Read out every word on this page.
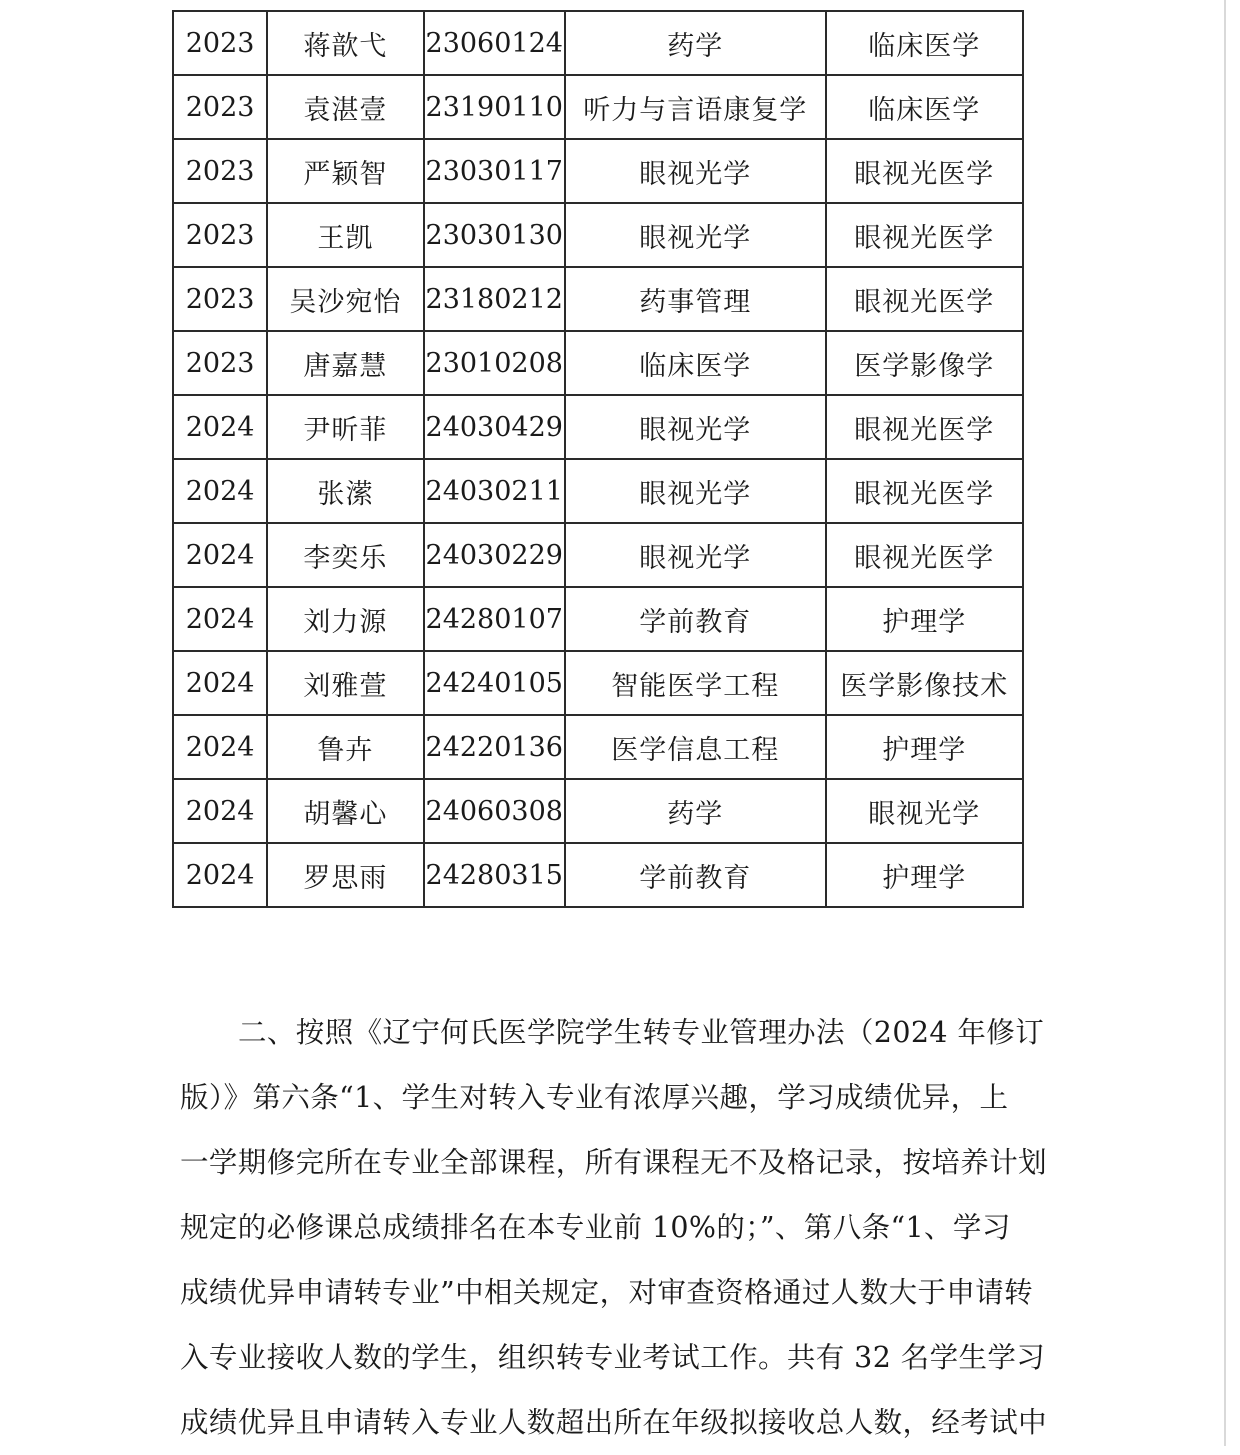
2023	蒋歆弋	23060124	药学	临床医学
2023	袁湛壹	23190110	听力与言语康复学	临床医学
2023	严颖智	23030117	眼视光学	眼视光医学
2023	王凯	23030130	眼视光学	眼视光医学
2023	吴沙宛怡	23180212	药事管理	眼视光医学
2023	唐嘉慧	23010208	临床医学	医学影像学
2024	尹昕菲	24030429	眼视光学	眼视光医学
2024	张潆	24030211	眼视光学	眼视光医学
2024	李奕乐	24030229	眼视光学	眼视光医学
2024	刘力源	24280107	学前教育	护理学
2024	刘雅萱	24240105	智能医学工程	医学影像技术
2024	鲁卉	24220136	医学信息工程	护理学
2024	胡馨心	24060308	药学	眼视光学
2024	罗思雨	24280315	学前教育	护理学
二、按照《辽宁何氏医学院学生转专业管理办法（2024 年修订
版）》第六条“1、学生对转入专业有浓厚兴趣，学习成绩优异，上
一学期修完所在专业全部课程，所有课程无不及格记录，按培养计划
规定的必修课总成绩排名在本专业前 10%的；”、第八条“1、学习
成绩优异申请转专业”中相关规定，对审查资格通过人数大于申请转
入专业接收人数的学生，组织转专业考试工作。共有 32 名学生学习
成绩优异且申请转入专业人数超出所在年级拟接收总人数，经考试中
